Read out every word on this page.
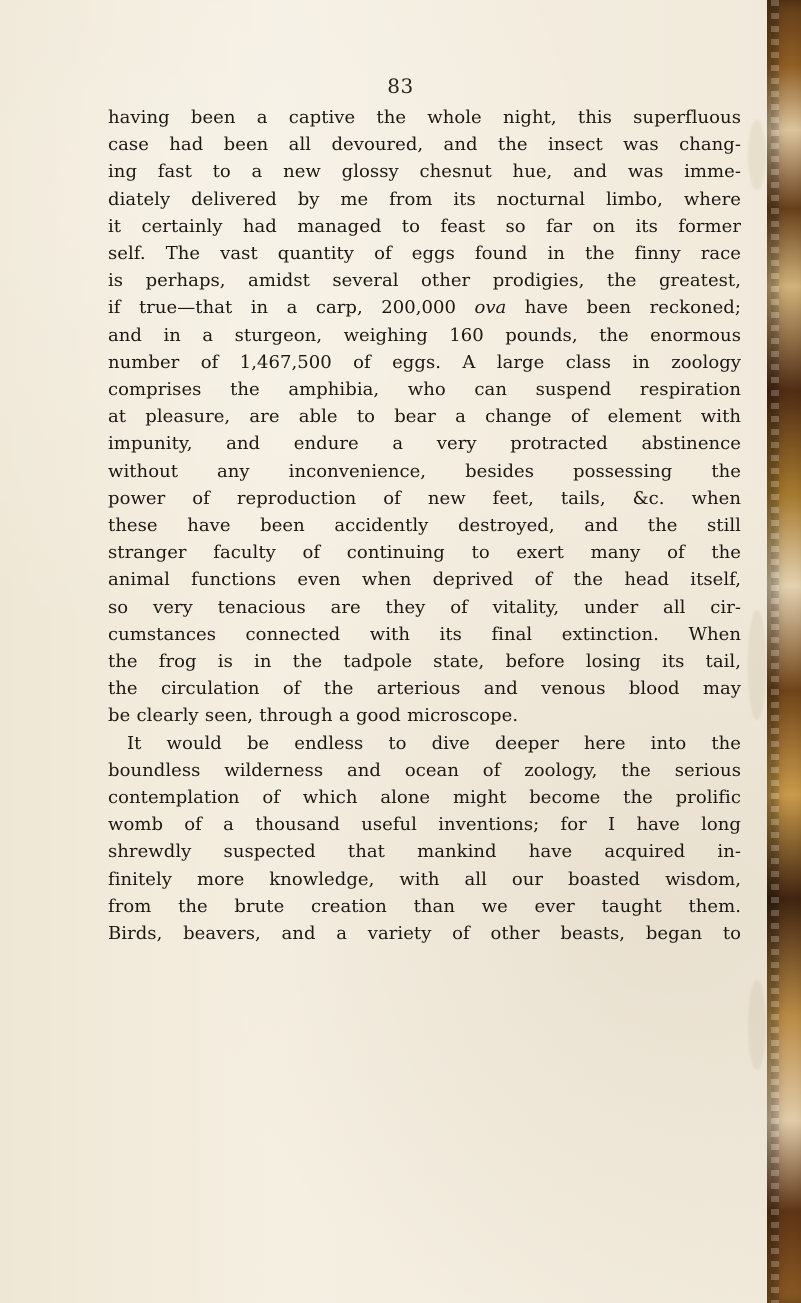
83
having been a captive the whole night, this superfluous
case had been all devoured, and the insect was chang-
ing fast to a new glossy chesnut hue, and was imme-
diately delivered by me from its nocturnal limbo, where
it certainly had managed to feast so far on its former
self. The vast quantity of eggs found in the finny race
is perhaps, amidst several other prodigies, the greatest,
if true—that in a carp, 200,000 ova have been reckoned;
and in a sturgeon, weighing 160 pounds, the enormous
number of 1,467,500 of eggs. A large class in zoology
comprises the amphibia, who can suspend respiration
at pleasure, are able to bear a change of element with
impunity, and endure a very protracted abstinence
without any inconvenience, besides possessing the
power of reproduction of new feet, tails, &c. when
these have been accidently destroyed, and the still
stranger faculty of continuing to exert many of the
animal functions even when deprived of the head itself,
so very tenacious are they of vitality, under all cir-
cumstances connected with its final extinction. When
the frog is in the tadpole state, before losing its tail,
the circulation of the arterious and venous blood may
be clearly seen, through a good microscope.
It would be endless to dive deeper here into the
boundless wilderness and ocean of zoology, the serious
contemplation of which alone might become the prolific
womb of a thousand useful inventions; for I have long
shrewdly suspected that mankind have acquired in-
finitely more knowledge, with all our boasted wisdom,
from the brute creation than we ever taught them.
Birds, beavers, and a variety of other beasts, began to
